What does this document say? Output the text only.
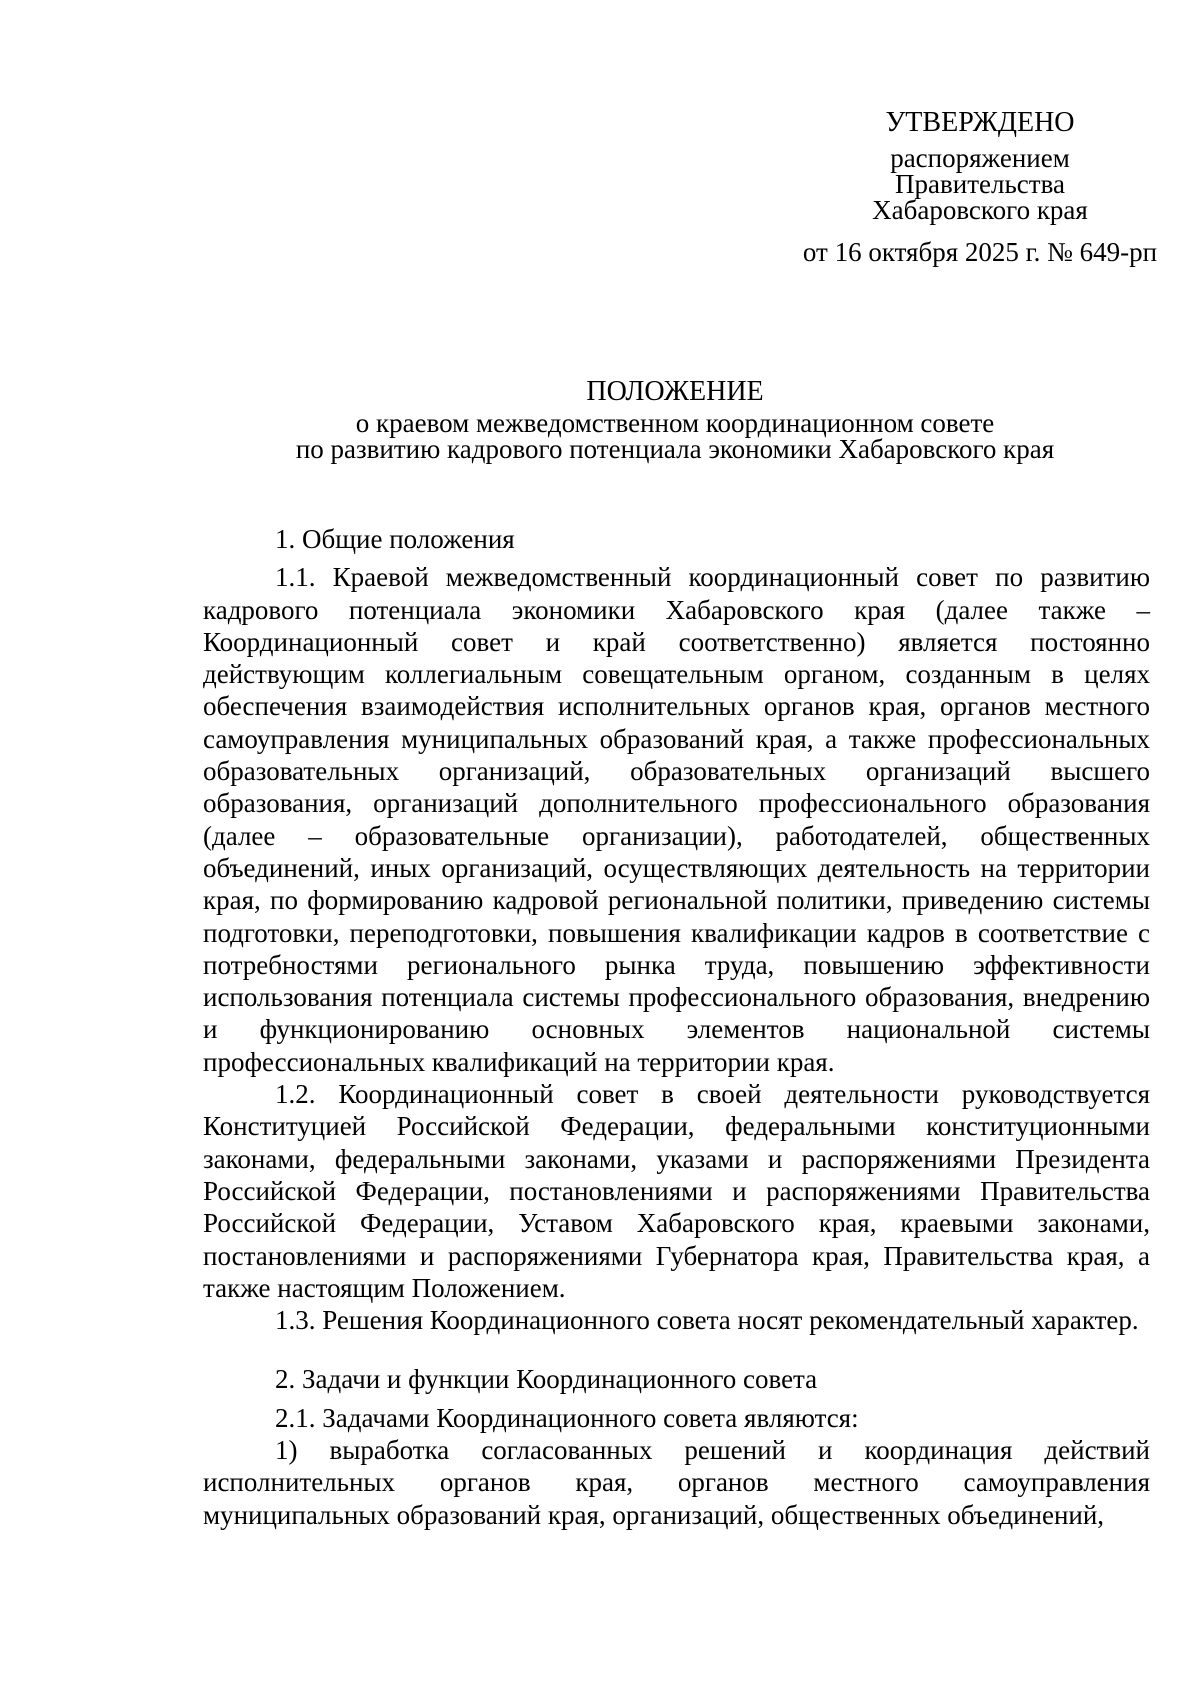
УТВЕРЖДЕНО
распоряжением
Правительства
Хабаровского края
от 16 октября 2025 г. № 649-рп
ПОЛОЖЕНИЕ
о краевом межведомственном координационном совете
по развитию кадрового потенциала экономики Хабаровского края

1. Общие положения

1.1. Краевой межведомственный координационный совет по развитию кадрового потенциала экономики Хабаровского края (далее также – Координационный совет и край соответственно) является постоянно действующим коллегиальным совещательным органом, созданным в целях обеспечения взаимодействия исполнительных органов края, органов местного самоуправления муниципальных образований края, а также профессиональных образовательных организаций, образовательных организаций высшего образования, организаций дополнительного профессионального образования (далее – образовательные организации), работодателей, общественных объединений, иных организаций, осуществляющих деятельность на территории края, по формированию кадровой региональной политики, приведению системы подготовки, переподготовки, повышения квалификации кадров в соответствие с потребностями регионального рынка труда, повышению эффективности использования потенциала системы профессионального образования, внедрению и функционированию основных элементов национальной системы профессиональных квалификаций на территории края.

1.2. Координационный совет в своей деятельности руководствуется Конституцией Российской Федерации, федеральными конституционными законами, федеральными законами, указами и распоряжениями Президента Российской Федерации, постановлениями и распоряжениями Правительства Российской Федерации, Уставом Хабаровского края, краевыми законами, постановлениями и распоряжениями Губернатора края, Правительства края, а также настоящим Положением.

1.3. Решения Координационного совета носят рекомендательный характер.

2. Задачи и функции Координационного совета

2.1. Задачами Координационного совета являются:

1) выработка согласованных решений и координация действий исполнительных органов края, органов местного самоуправления муниципальных образований края, организаций, общественных объединений,
